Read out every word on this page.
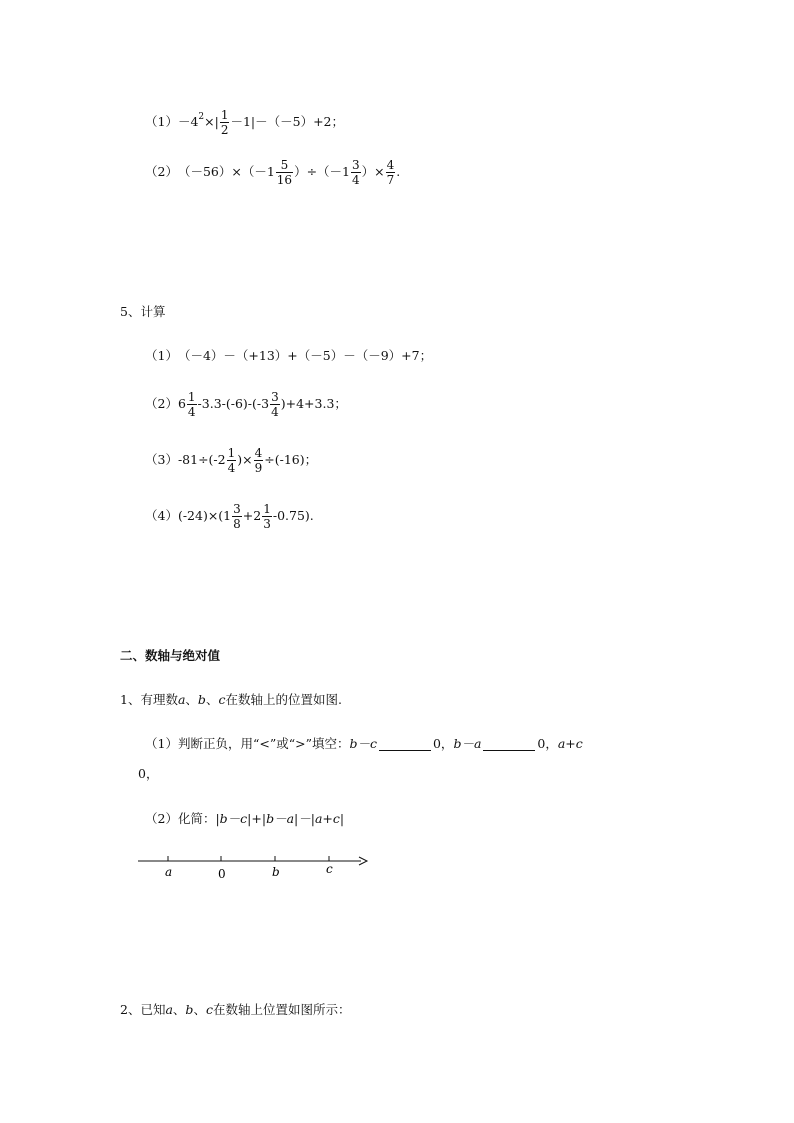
（1） －4 2 ×| $\frac{1}{2} -1|-(-5)+2$；
（2） $(-56)\times(-1 \frac{5}{16} )\div(-1 \frac{3}{4}$ ）× $\frac{4}{7}$ .
5、计算
（1） （－4）－（+13）+（－5）－（－9）+7；
（2） $6 \frac{1}{4} -3.3-(-6)-(-3 \frac{3}{4} )+4+3.3$；
（3） $-81\div(-2 \frac{1}{4}$ )× $\frac{4}{9} \div(-16)$；
（4） $(-24)\times(1 \frac{3}{8} +2 \frac{1}{3} -0.75)$.
二、数轴与绝对值
1、有理数 a 、 b 、 c 在数轴上的位置如图.
（1）判断正负，用“<”或“>”填空： b－c	0， b－a	0， a+c
0，
（2）化简： |b－c|+|b－a|－|a+c|
a	0	b	c
2、已知 a 、 b 、 c 在数轴上位置如图所示：
